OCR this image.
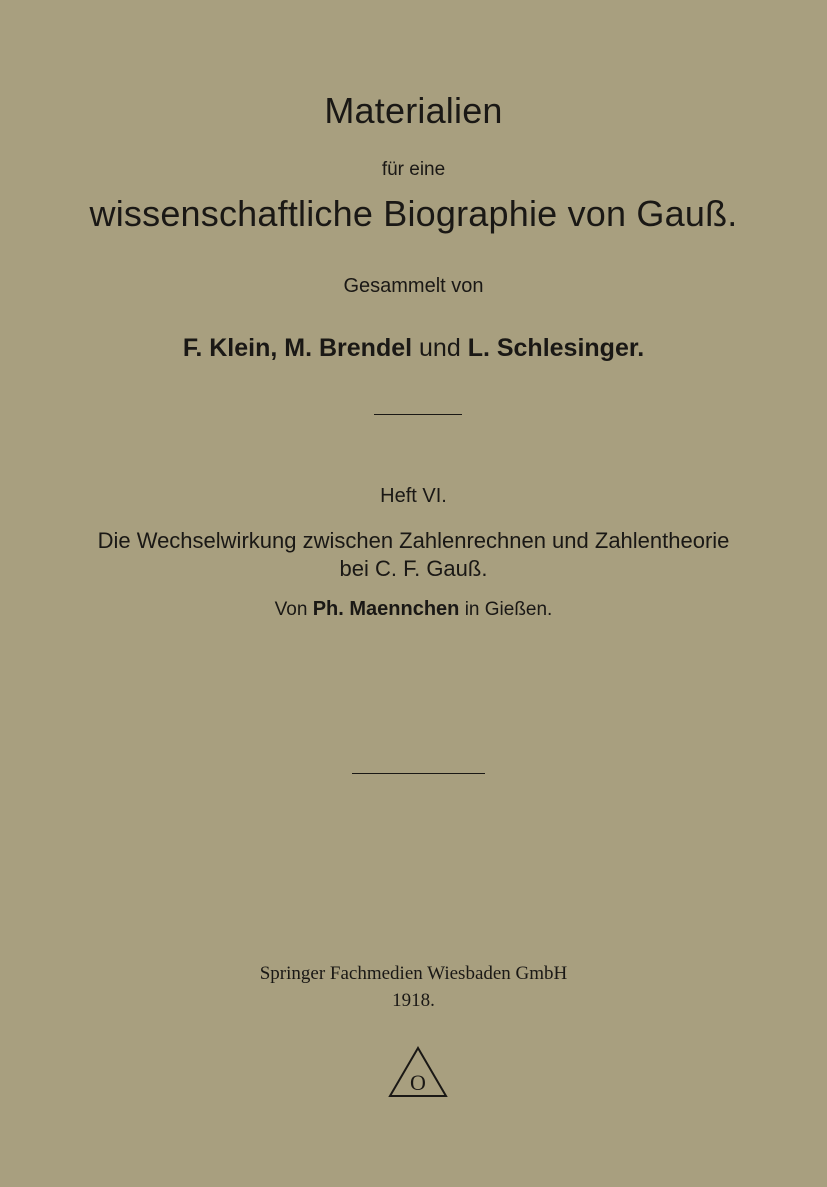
Materialien
für eine
wissenschaftliche Biographie von Gauß.
Gesammelt von
F. Klein, M. Brendel und L. Schlesinger.
Heft VI.
Die Wechselwirkung zwischen Zahlenrechnen und Zahlentheorie
bei C. F. Gauß.
Von Ph. Maennchen in Gießen.
Springer Fachmedien Wiesbaden GmbH
1918.
O
